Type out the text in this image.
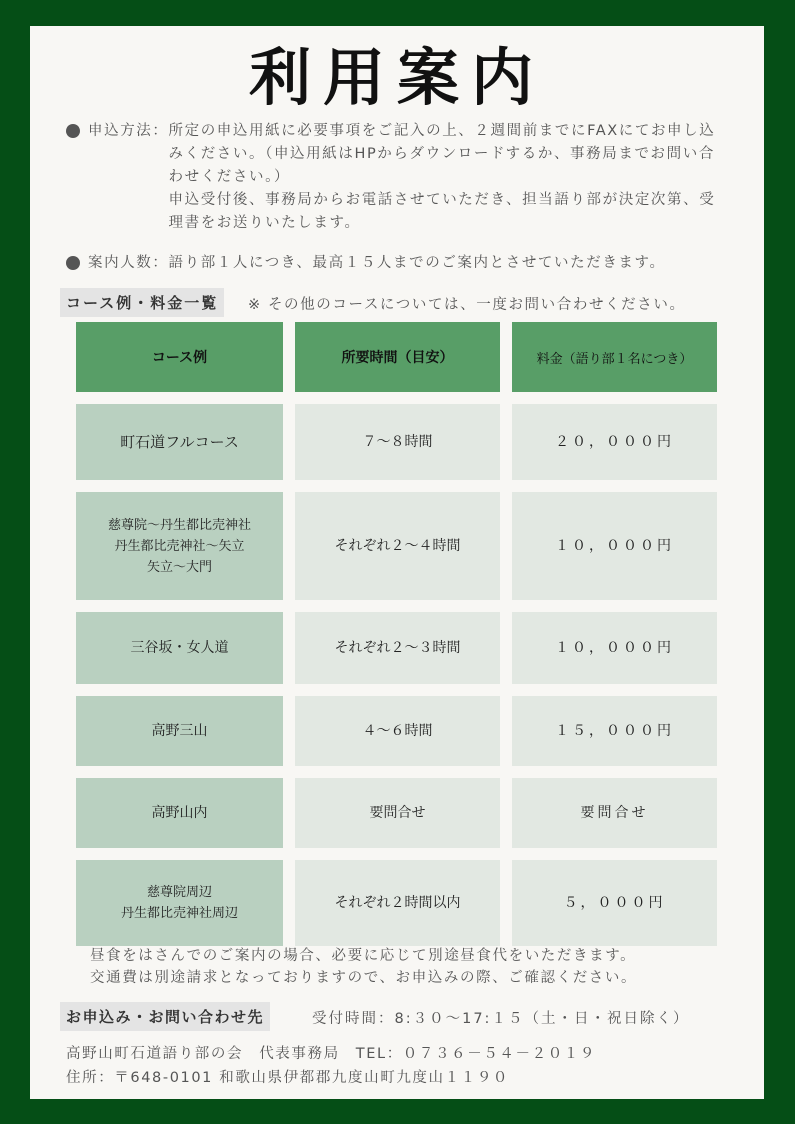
利用案内
申込方法： 所定の申込用紙に必要事項をご記入の上、２週間前までにFAXにてお申し込みください。（申込用紙はHPからダウンロードするか、事務局までお問い合わせください。）

申込受付後、事務局からお電話させていただき、担当語り部が決定次第、受理書をお送りいたします。

案内人数： 語り部１人につき、最高１５人までのご案内とさせていただきます。
コース例・料金一覧	※ その他のコースについては、一度お問い合わせください。
コース例	所要時間（目安）	料金（語り部１名につき）

町石道フルコース	７～８時間	２０，０００円

慈尊院～丹生都比売神社
丹生都比売神社～矢立
矢立～大門	それぞれ２～４時間	１０，０００円

三谷坂・女人道	それぞれ２～３時間	１０，０００円

高野三山	４～６時間	１５，０００円

高野山内	要問合せ	要問合せ

慈尊院周辺
丹生都比売神社周辺	それぞれ２時間以内	５，０００円
昼食をはさんでのご案内の場合、必要に応じて別途昼食代をいただきます。
交通費は別途請求となっておりますので、お申込みの際、ご確認ください。
お申込み・お問い合わせ先	受付時間：8:３０～17:１５（土・日・祝日除く）
高野山町石道語り部の会　代表事務局　TEL：０７３６－５４－２０１９
住所：〒648-0101 和歌山県伊都郡九度山町九度山１１９０
